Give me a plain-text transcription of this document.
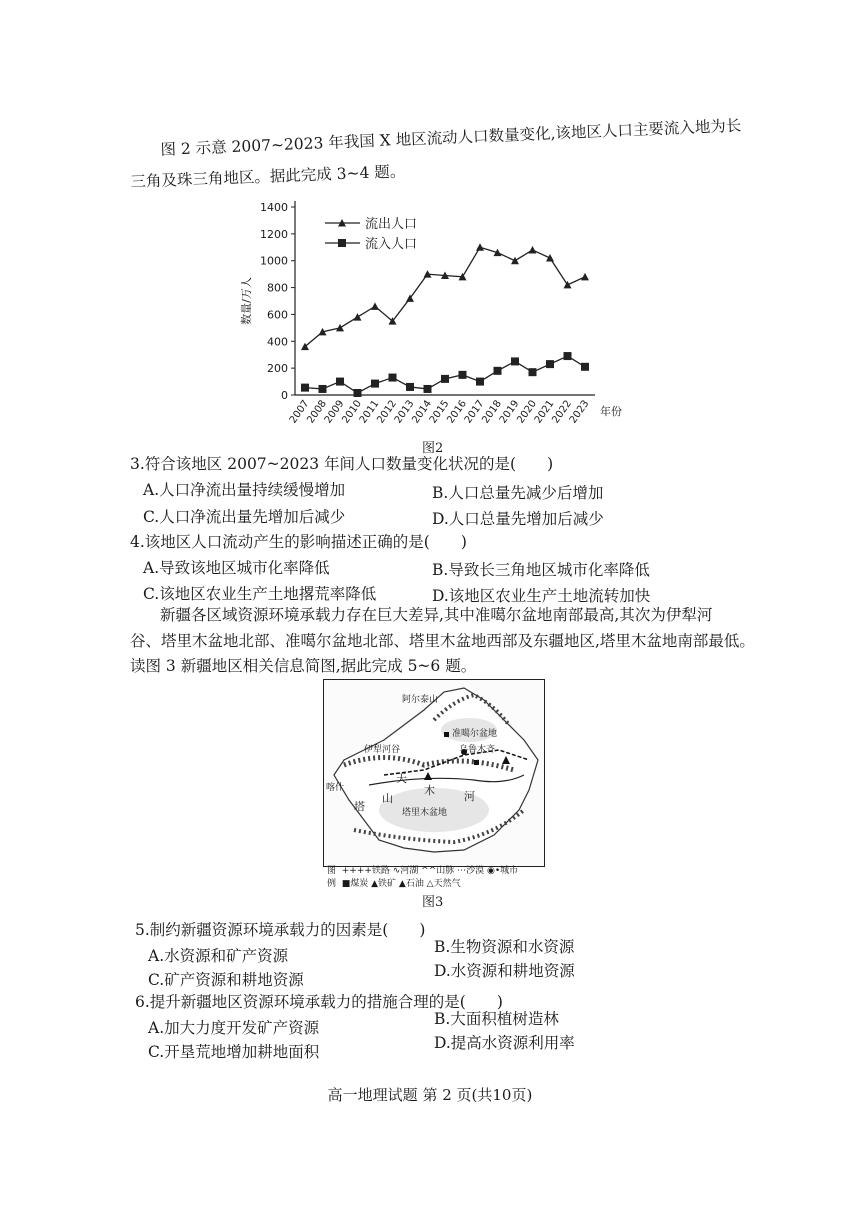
图 2 示意 2007~2023 年我国 X 地区流动人口数量变化,该地区人口主要流入地为长
三角及珠三角地区。据此完成 3~4 题。
0
200
400
600
800
1000
1200
1400
数量/万人
2007
2008
2009
2010
2011
2012
2013
2014
2015
2016
2017
2018
2019
2020
2021
2022
2023 年份
流出人口
流入人口
图2
3.符合该地区 2007~2023 年间人口数量变化状况的是(　　)
A.人口净流出量持续缓慢增加	B.人口总量先减少后增加
C.人口净流出量先增加后减少	D.人口总量先增加后减少
4.该地区人口流动产生的影响描述正确的是(　　)
A.导致该地区城市化率降低	B.导致长三角地区城市化率降低
C.该地区农业生产土地撂荒率降低	D.该地区农业生产土地流转加快
新疆各区域资源环境承载力存在巨大差异,其中准噶尔盆地南部最高,其次为伊犁河
谷、塔里木盆地北部、准噶尔盆地北部、塔里木盆地西部及东疆地区,塔里木盆地南部最低。
读图 3 新疆地区相关信息简图,据此完成 5~6 题。
阿尔泰山
准噶尔盆地
乌鲁木齐
伊犁河谷
喀什
天
山
木	河
塔	塔里木盆地
图 ++++铁路 ∿河湖 ^^山脉 ⋯沙漠 ◉•城市
例 ■煤炭 ▲铁矿 ▲石油 △天然气
图3
5.制约新疆资源环境承载力的因素是(　　)
A.水资源和矿产资源	B.生物资源和水资源
C.矿产资源和耕地资源	D.水资源和耕地资源
6.提升新疆地区资源环境承载力的措施合理的是(　　)
A.加大力度开发矿产资源	B.大面积植树造林
C.开垦荒地增加耕地面积	D.提高水资源利用率
高一地理试题 第 2 页(共10页)
